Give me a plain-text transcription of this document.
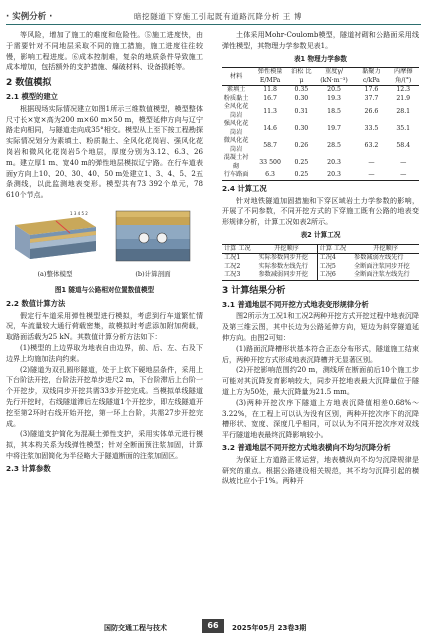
· 实例分析 ·	暗挖隧道下穿施工引起既有道路沉降分析 王 博

等风险，增加了施工的难度和危险性。⑤施工进度快，由于需要针对不同地层采取不同的施工措施，施工进度往往较慢，影响工程进度。⑥成本控制难，复杂的地质条件导致施工成本增加，包括额外的支护措施、爆破材料、设备损耗等。

2 数值模拟
2.1 模型的建立

根据现场实际情况建立如图1所示三维数值模型，模型整体尺寸长×宽×高为200 m×60 m×50 m，模型延伸方向与辽宁路走向相同，与隧道走向成35°相交。模型从上至下按工程勘探实际情况划分为素填土、粉质黏土、全风化花岗岩、强风化花岗岩和微风化花岗岩5个地层，厚度分别为3.12、6.3、26 m。建立厚1 m、宽40 m的弹性地层模拟辽宁路。在行车道表面y方向上10、20、30、40、50 m处建立1、3、4、5、2五条测线，以此监测地表变形。模型共有73 392个单元，78 610个节点。

1 3 4 5 2
(a)整体模型	(b)计算剖面
图1 隧道与公路相对位置数值模型
2.2 数值计算方法

假定行车道采用弹性模型进行模拟，考虑到行车道繁忙情况，车流量较大通行荷载密集，故模拟时考虑添加附加荷载，取路面活载为25 kN。其数值计算分析方法如下：

(1)模型的上边界取为地表自由边界，前、后、左、右及下边界上均施加法向约束。

(2)隧道为双孔圆形隧道，处于上软下硬地层条件，采用上下台阶法开挖，台阶法开挖单步进尺2 m，下台阶滞后上台阶一个开挖步，双线同步开挖共需33步开挖完成。当模拟单线隧道先行开挖时，右线隧道滞后左线隧道1个开挖步，即左线隧道开挖至第2环时右线开始开挖，第一环上台阶，共需27步开挖完成。

(3)隧道支护简化为混凝土弹性支护，采用实体单元进行模拟，其本构关系为线弹性模型；针对全断面预注浆加固，计算中将注浆加固简化为半径略大于隧道断面的注浆加固区。

2.3 计算参数

土体采用Mohr-Coulomb模型，隧道衬砌和公路面采用线弹性模型，其物理力学参数见表1。

表1 物理力学参数
材料	弹性模量 E/MPa	泊松 比μ	重度γ/ (kN·m⁻³)	黏聚力 c/kPa	内摩擦 角/(°)

素填土	11.8	0.35	20.5	17.6	12.3
粉质黏土	16.7	0.30	19.3	37.7	21.9
全风化花岗岩	11.3	0.31	18.5	26.6	28.1
强风化花岗岩	14.6	0.30	19.7	33.5	35.1
微风化花岗岩	58.7	0.26	28.5	63.2	58.4
混凝土衬砌	33 500	0.25	20.3	—	—
行车路面	6.3	0.25	20.3	—	—
2.4 计算工况

针对地铁隧道加固措施和下穿区域岩土力学参数的影响，开展了不同参数，不同开挖方式的下穿施工既有公路的地表变形规律分析，计算工况如表2所示。

表2 计算工况
计算 工况	开挖顺序	计算 工况	开挖顺序
工况1	实际参数同步开挖	工况4	参数减弱左线先行
工况2	实际参数左线先行	工况5	全断面注浆同步开挖
工况3	参数减弱同步开挖	工况6	全断面注浆左线先行
3 计算结果分析
3.1 普通地层不同开挖方式地表变形规律分析

图2所示为工况1和工况2两种开挖方式开挖过程中地表沉降及第三维云图，其中长边为公路延伸方向，短边为斜穿隧道延伸方向。由图2可知：

(1)路面沉降槽形状基本符合正态分布形式，隧道施工结束后，两种开挖方式形成地表沉降槽并无显著区别。

(2)开挖影响范围约20 m，测线所在断面前后10个施工步可能对其沉降发育影响较大，同步开挖地表最大沉降量位于隧道上方为50处，最大沉降量为21.5 mm。

(3)两种开挖次序下隧道上方地表沉降值相差0.68%～3.22%，在工程上可以认为没有区别，两种开挖次序下的沉降槽形状、宽度、深度几乎相同，可以认为不同开挖次序对双线平行隧道地表最终沉降影响较小。

3.2 普通地层不同开挖方式地表横向不均匀沉降分析

为保证上方道路正常运营，地表横纵向不均匀沉降规律是研究的重点。根据公路建设相关规范，其不均匀沉降引起的横纵坡比应小于1%。两种开

国防交通工程与技术	66	2025年05月 23卷3期
